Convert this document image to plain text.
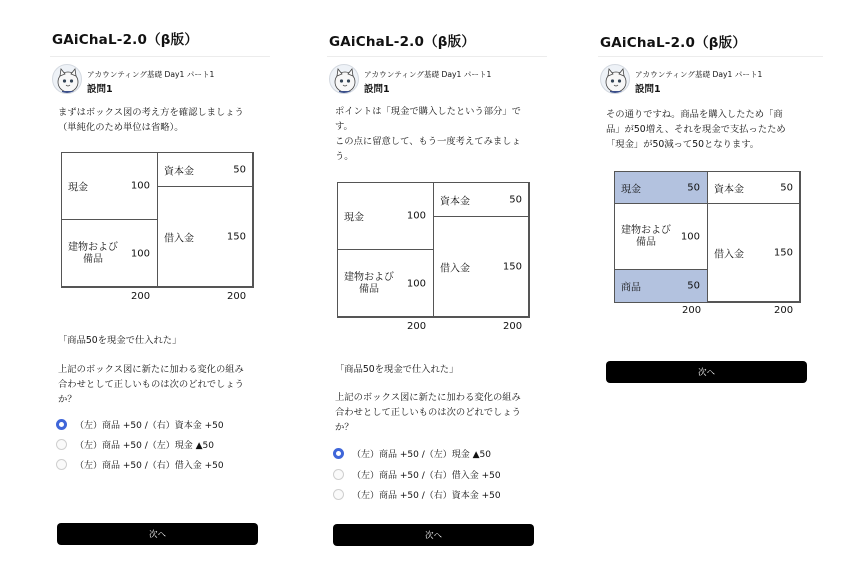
GAiChaL-2.0（β版）
アカウンティング基礎 Day1 パート1
設問1
まずはボックス図の考え方を確認しましょう
（単純化のため単位は省略）。
現金	100
建物および
備品	100
資本金	50
借入金	150
200	200
「商品50を現金で仕入れた」
上記のボックス図に新たに加わる変化の組み
合わせとして正しいものは次のどれでしょう
か？
（左）商品 +50 /（右）資本金 +50
（左）商品 +50 /（左）現金 ▲50
（左）商品 +50 /（右）借入金 +50
次へ
GAiChaL-2.0（β版）
アカウンティング基礎 Day1 パート1
設問1
ポイントは「現金で購入したという部分」で
す。
この点に留意して、もう一度考えてみましょ
う。
現金	100
建物および
備品	100
資本金	50
借入金	150
200	200
「商品50を現金で仕入れた」
上記のボックス図に新たに加わる変化の組み
合わせとして正しいものは次のどれでしょう
か？
（左）商品 +50 /（左）現金 ▲50
（左）商品 +50 /（右）借入金 +50
（左）商品 +50 /（右）資本金 +50
次へ
GAiChaL-2.0（β版）
アカウンティング基礎 Day1 パート1
設問1
その通りですね。商品を購入したため「商
品」が50増え、それを現金で支払ったため
「現金」が50減って50となります。
現金	50
建物および
備品	100
商品	50
資本金	50
借入金	150
200	200
次へ
